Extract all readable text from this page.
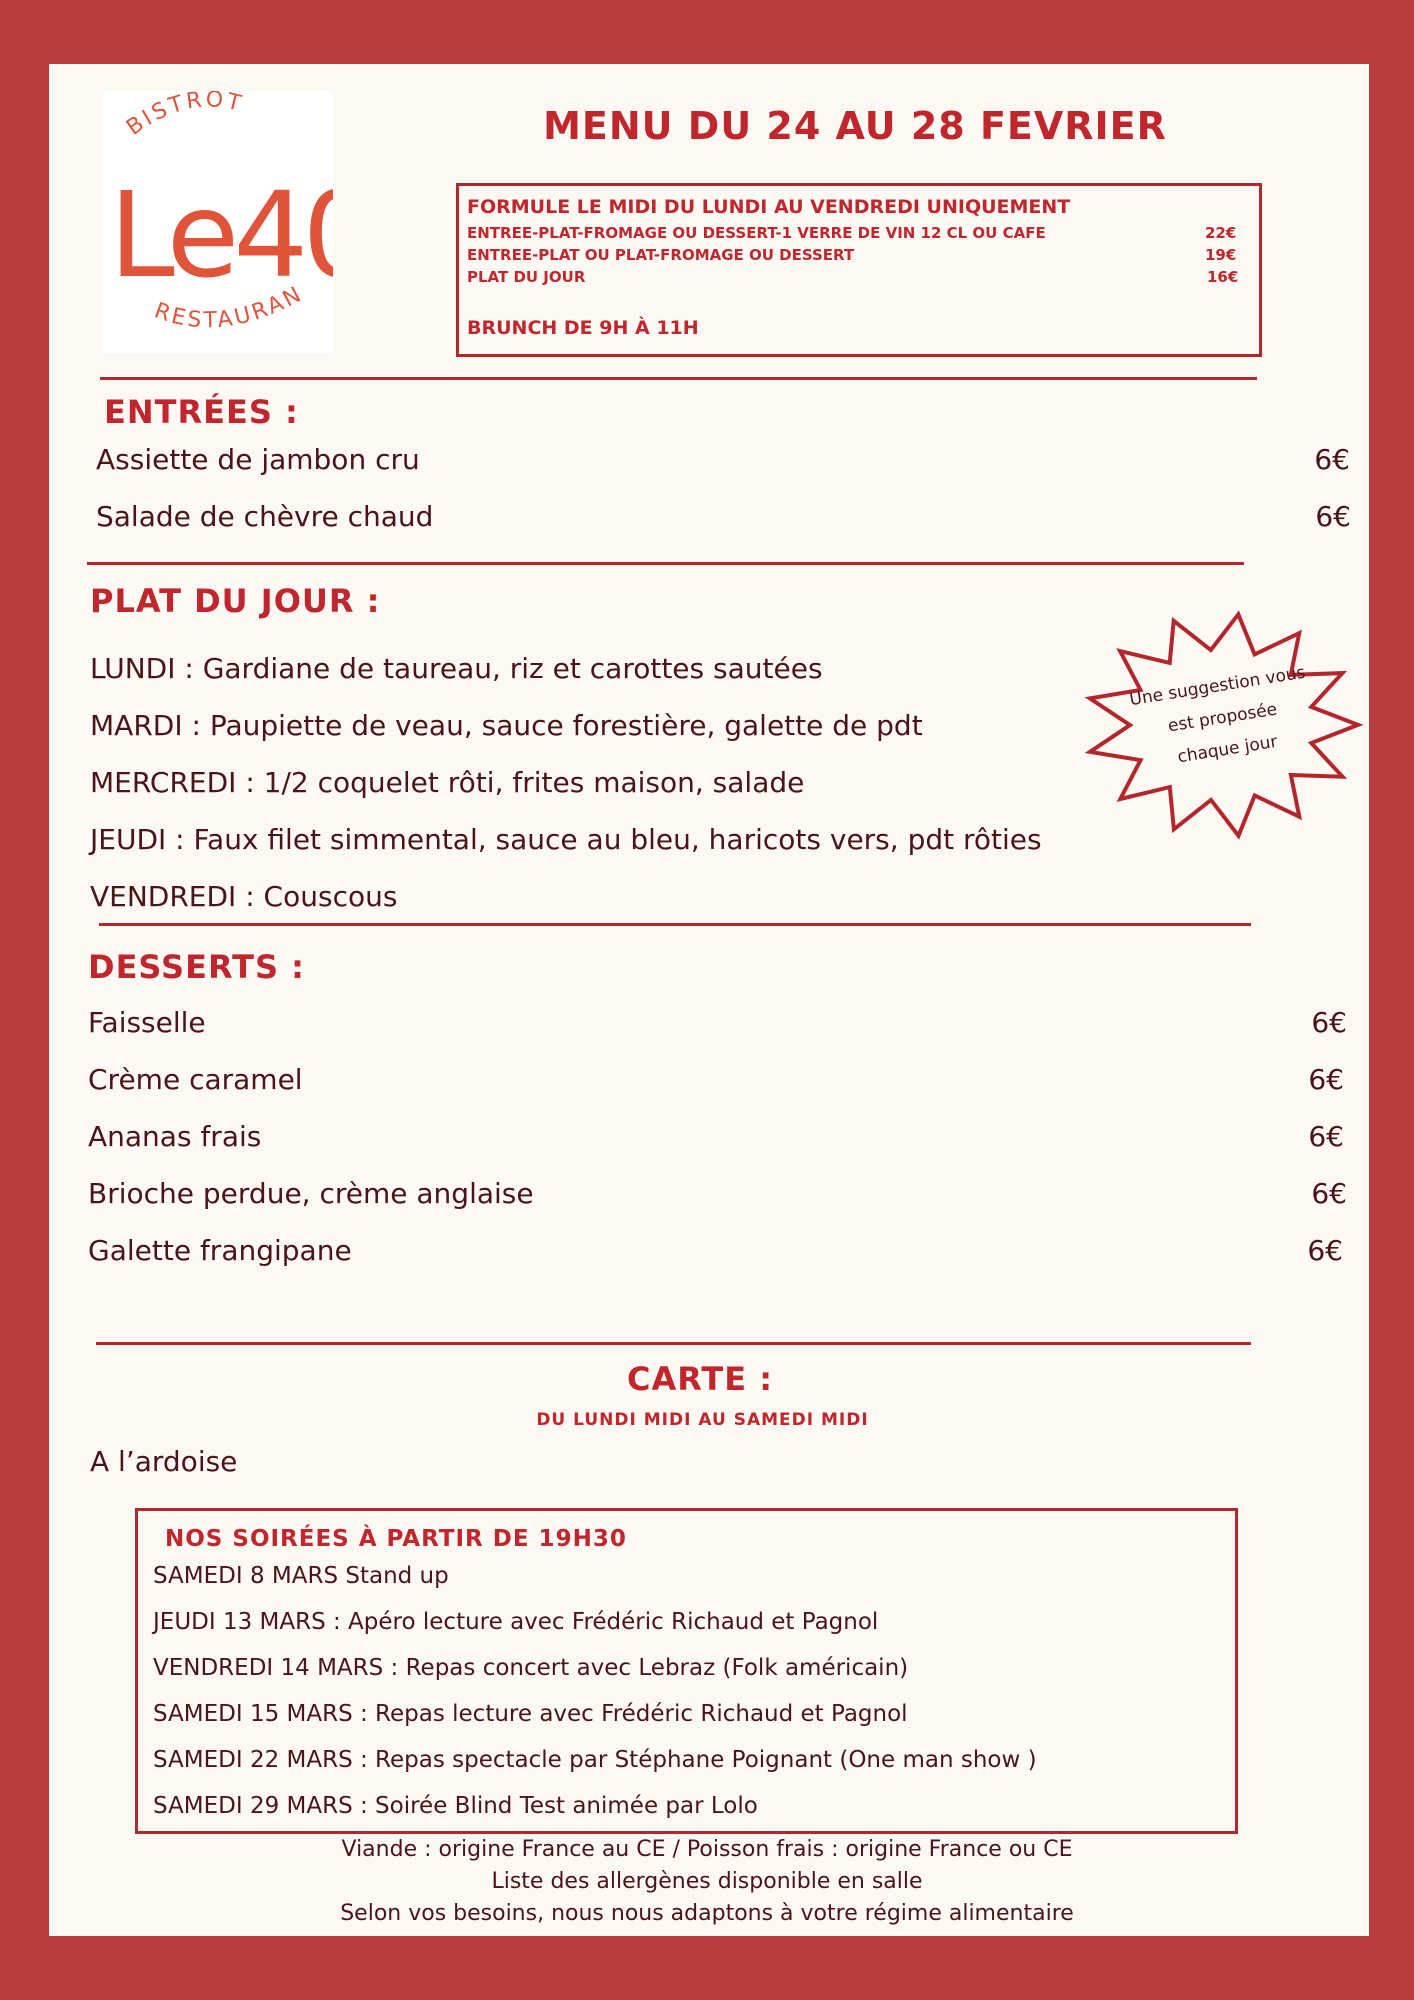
BISTROT
RESTAURAN
Le4
MENU DU 24 AU 28 FEVRIER
FORMULE LE MIDI DU LUNDI AU VENDREDI UNIQUEMENT
ENTREE-PLAT-FROMAGE OU DESSERT-1 VERRE DE VIN 12 CL OU CAFE	22€
ENTREE-PLAT OU PLAT-FROMAGE OU DESSERT	19€
PLAT DU JOUR	16€
BRUNCH DE 9H À 11H
ENTRÉES :
Assiette de jambon cru	6€
Salade de chèvre chaud	6€
PLAT DU JOUR :
LUNDI : Gardiane de taureau, riz et carottes sautées
MARDI : Paupiette de veau, sauce forestière, galette de pdt
MERCREDI : 1/2 coquelet rôti, frites maison, salade
JEUDI : Faux filet simmental, sauce au bleu, haricots vers, pdt rôties
VENDREDI : Couscous
Une suggestion vous
est proposée
chaque jour
DESSERTS :
Faisselle	6€
Crème caramel	6€
Ananas frais	6€
Brioche perdue, crème anglaise	6€
Galette frangipane	6€
CARTE :
DU LUNDI MIDI AU SAMEDI MIDI
A l’ardoise
NOS SOIRÉES À PARTIR DE 19H30
SAMEDI 8 MARS Stand up
JEUDI 13 MARS : Apéro lecture avec Frédéric Richaud et Pagnol
VENDREDI 14 MARS : Repas concert avec Lebraz (Folk américain)
SAMEDI 15 MARS : Repas lecture avec Frédéric Richaud et Pagnol
SAMEDI 22 MARS : Repas spectacle par Stéphane Poignant (One man show )
SAMEDI 29 MARS : Soirée Blind Test animée par Lolo
Viande : origine France au CE / Poisson frais : origine France ou CE
Liste des allergènes disponible en salle
Selon vos besoins, nous nous adaptons à votre régime alimentaire
